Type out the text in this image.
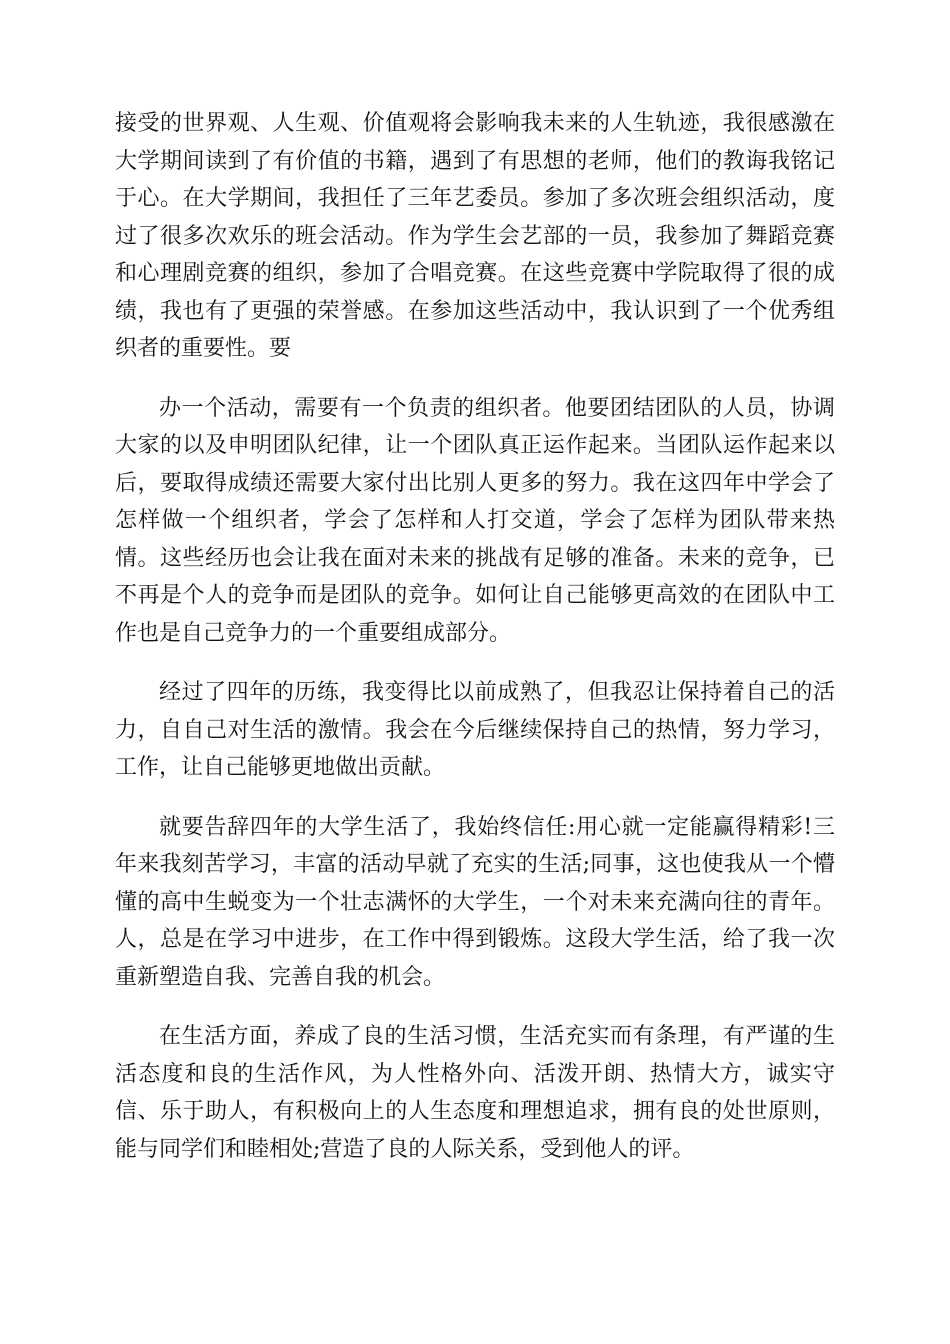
接受的世界观、人生观、价值观将会影响我未来的人生轨迹，我很感激在大学期间读到了有价值的书籍，遇到了有思想的老师，他们的教诲我铭记于心。在大学期间，我担任了三年艺委员。参加了多次班会组织活动，度过了很多次欢乐的班会活动。作为学生会艺部的一员，我参加了舞蹈竞赛和心理剧竞赛的组织，参加了合唱竞赛。在这些竞赛中学院取得了很的成绩，我也有了更强的荣誉感。在参加这些活动中，我认识到了一个优秀组织者的重要性。要

办一个活动，需要有一个负责的组织者。他要团结团队的人员，协调大家的以及申明团队纪律，让一个团队真正运作起来。当团队运作起来以后，要取得成绩还需要大家付出比别人更多的努力。我在这四年中学会了怎样做一个组织者，学会了怎样和人打交道，学会了怎样为团队带来热情。这些经历也会让我在面对未来的挑战有足够的准备。未来的竞争，已不再是个人的竞争而是团队的竞争。如何让自己能够更高效的在团队中工作也是自己竞争力的一个重要组成部分。

经过了四年的历练，我变得比以前成熟了，但我忍让保持着自己的活力，自自己对生活的激情。我会在今后继续保持自己的热情，努力学习，工作，让自己能够更地做出贡献。

就要告辞四年的大学生活了，我始终信任:用心就一定能赢得精彩!三年来我刻苦学习，丰富的活动早就了充实的生活;同事，这也使我从一个懵懂的高中生蜕变为一个壮志满怀的大学生，一个对未来充满向往的青年。人，总是在学习中进步，在工作中得到锻炼。这段大学生活，给了我一次重新塑造自我、完善自我的机会。

在生活方面，养成了良的生活习惯，生活充实而有条理，有严谨的生活态度和良的生活作风，为人性格外向、活泼开朗、热情大方，诚实守信、乐于助人，有积极向上的人生态度和理想追求，拥有良的处世原则，能与同学们和睦相处;营造了良的人际关系，受到他人的评。
